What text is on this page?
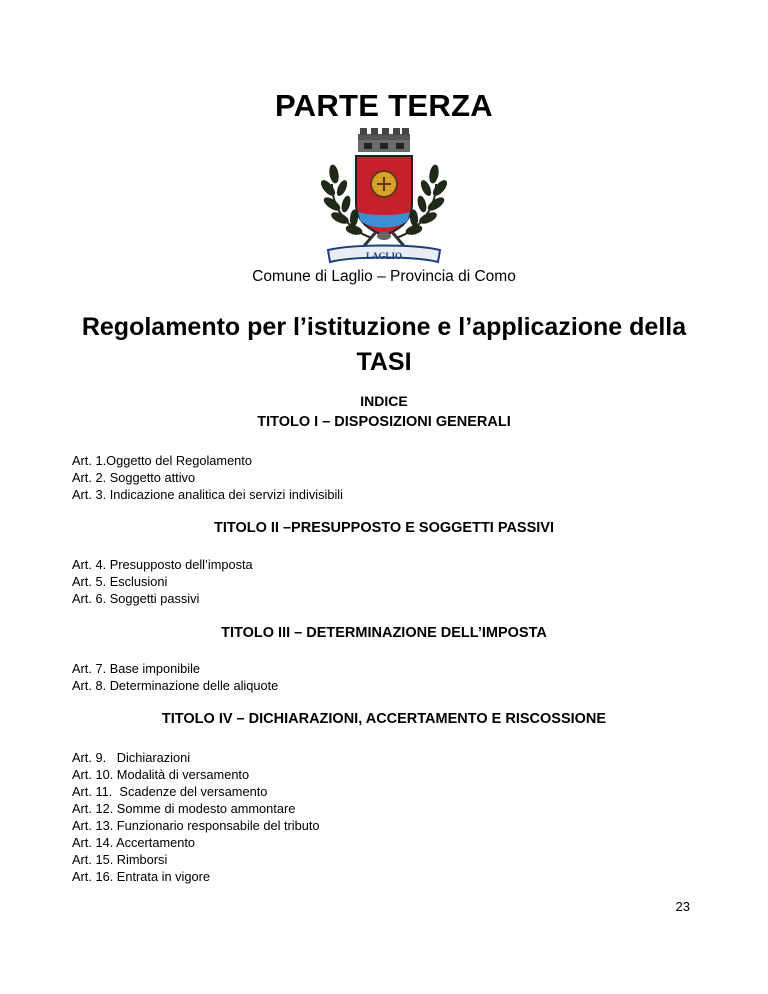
PARTE TERZA
LAGLIO
Comune di Laglio – Provincia di Como
Regolamento per l’istituzione e l’applicazione della
TASI
INDICE
TITOLO I – DISPOSIZIONI GENERALI
Art. 1.Oggetto del Regolamento
Art. 2. Soggetto attivo
Art. 3. Indicazione analitica dei servizi indivisibili
TITOLO II –PRESUPPOSTO E SOGGETTI PASSIVI
Art. 4. Presupposto dell’imposta
Art. 5. Esclusioni
Art. 6. Soggetti passivi
TITOLO III – DETERMINAZIONE DELL’IMPOSTA
Art. 7. Base imponibile
Art. 8. Determinazione delle aliquote
TITOLO IV – DICHIARAZIONI, ACCERTAMENTO E RISCOSSIONE
Art. 9.   Dichiarazioni
Art. 10. Modalità di versamento
Art. 11.  Scadenze del versamento
Art. 12. Somme di modesto ammontare
Art. 13. Funzionario responsabile del tributo
Art. 14. Accertamento
Art. 15. Rimborsi
Art. 16. Entrata in vigore
23
